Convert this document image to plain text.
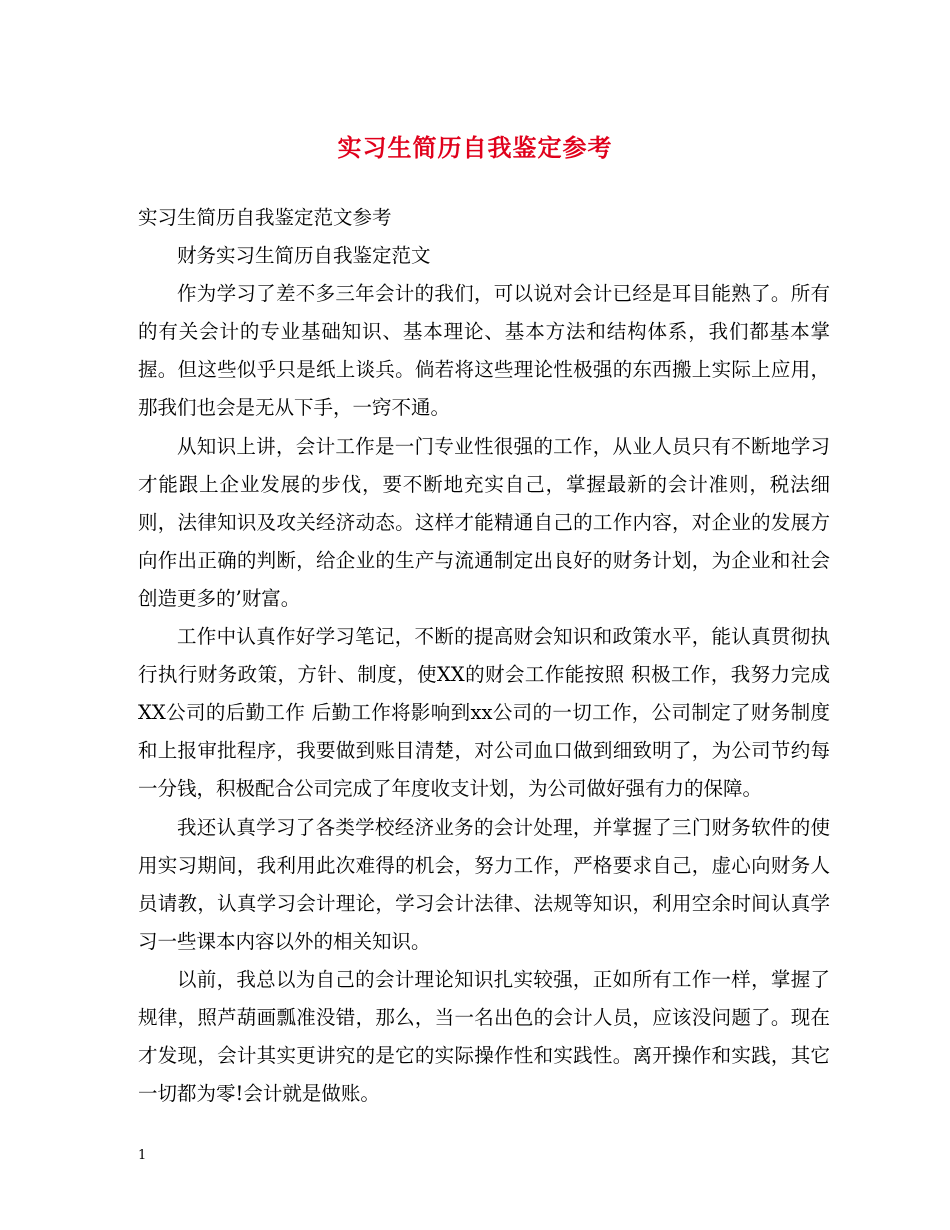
实习生简历自我鉴定参考

实习生简历自我鉴定范文参考

财务实习生简历自我鉴定范文

作为学习了差不多三年会计的我们，可以说对会计已经是耳目能熟了。所有的有关会计的专业基础知识、基本理论、基本方法和结构体系，我们都基本掌握。但这些似乎只是纸上谈兵。倘若将这些理论性极强的东西搬上实际上应用，那我们也会是无从下手，一窍不通。

从知识上讲，会计工作是一门专业性很强的工作，从业人员只有不断地学习才能跟上企业发展的步伐，要不断地充实自己，掌握最新的会计准则，税法细则，法律知识及攻关经济动态。这样才能精通自己的工作内容，对企业的发展方向作出正确的判断，给企业的生产与流通制定出良好的财务计划，为企业和社会创造更多的’财富。

工作中认真作好学习笔记，不断的提高财会知识和政策水平，能认真贯彻执行执行财务政策，方针、制度，使XX的财会工作能按照 积极工作，我努力完成XX公司的后勤工作 后勤工作将影响到xx公司的一切工作，公司制定了财务制度和上报审批程序，我要做到账目清楚，对公司血口做到细致明了，为公司节约每一分钱，积极配合公司完成了年度收支计划，为公司做好强有力的保障。

我还认真学习了各类学校经济业务的会计处理，并掌握了三门财务软件的使用实习期间，我利用此次难得的机会，努力工作，严格要求自己，虚心向财务人员请教，认真学习会计理论，学习会计法律、法规等知识，利用空余时间认真学习一些课本内容以外的相关知识。

以前，我总以为自己的会计理论知识扎实较强，正如所有工作一样，掌握了规律，照芦葫画瓢准没错，那么，当一名出色的会计人员，应该没问题了。现在才发现，会计其实更讲究的是它的实际操作性和实践性。离开操作和实践，其它一切都为零!会计就是做账。

1
